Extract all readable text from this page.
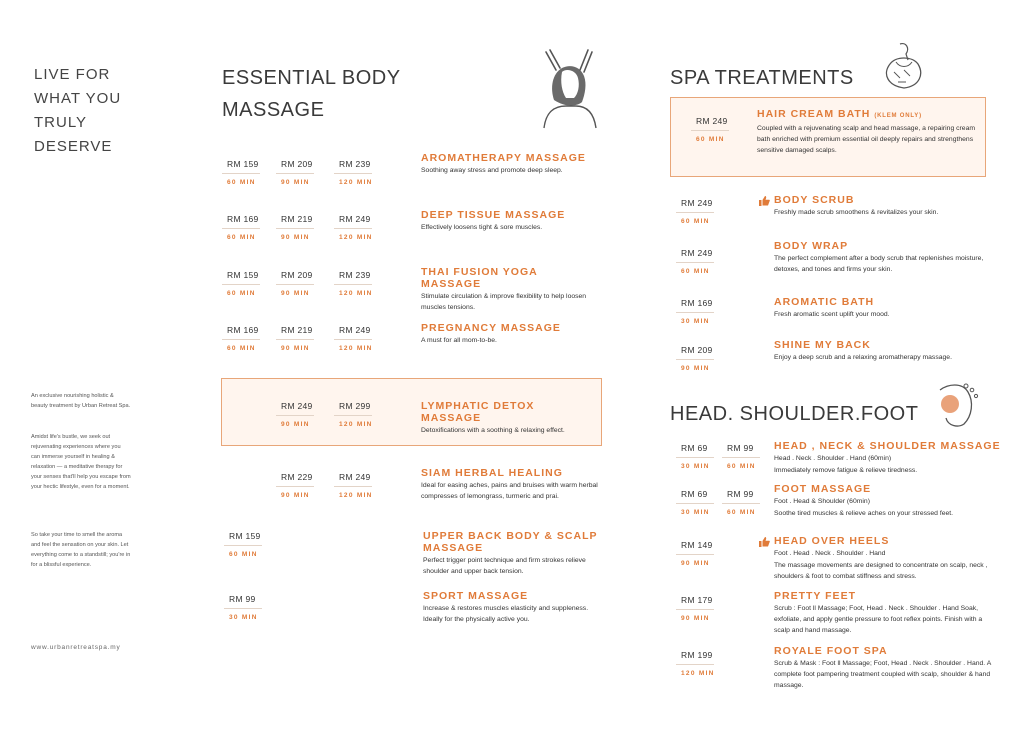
LIVE FOR
WHAT YOU
TRULY
DESERVE
An exclusive nourishing holistic & beauty treatment by Urban Retreat Spa.
Amidst life's bustle, we seek out rejuvenating experiences where you can immerse yourself in healing & relaxation — a meditative therapy for your senses that'll help you escape from your hectic lifestyle, even for a moment.
So take your time to smell the aroma and feel the sensation on your skin. Let everything come to a standstill; you're in for a blissful experience.
www.urbanretreatspa.my
ESSENTIAL BODY
MASSAGE
RM 159
60 MIN
RM 209
90 MIN
RM 239
120 MIN
RM 169
60 MIN
RM 219
90 MIN
RM 249
120 MIN
RM 159
60 MIN
RM 209
90 MIN
RM 239
120 MIN
RM 169
60 MIN
RM 219
90 MIN
RM 249
120 MIN
RM 249
90 MIN
RM 299
120 MIN
RM 229
90 MIN
RM 249
120 MIN
RM 159
60 MIN
RM 99
30 MIN
AROMATHERAPY MASSAGE
Soothing away stress and promote deep sleep.
DEEP TISSUE MASSAGE
Effectively loosens tight & sore muscles.
THAI FUSION YOGA MASSAGE
Stimulate circulation & improve flexibility to help loosen muscles tensions.
PREGNANCY MASSAGE
A must for all mom-to-be.
LYMPHATIC DETOX MASSAGE
Detoxifications with a soothing & relaxing effect.
SIAM HERBAL HEALING
Ideal for easing aches, pains and bruises with warm herbal compresses of lemongrass, turmeric and prai.
UPPER BACK BODY & SCALP MASSAGE
Perfect trigger point technique and firm strokes relieve shoulder and upper back tension.
SPORT MASSAGE
Increase & restores muscles elasticity and suppleness. Ideally for the physically active you.
SPA TREATMENTS
RM 249
60 MIN
HAIR CREAM BATH (KLEM ONLY)
Coupled with a rejuvenating scalp and head massage, a repairing cream bath enriched with premium essential oil deeply repairs and strengthens sensitive damaged scalps.
RM 249
60 MIN
BODY SCRUB
Freshly made scrub smoothens & revitalizes your skin.
RM 249
60 MIN
BODY WRAP
The perfect complement after a body scrub that replenishes moisture, detoxes, and tones and firms your skin.
RM 169
30 MIN
AROMATIC BATH
Fresh aromatic scent uplift your mood.
RM 209
90 MIN
SHINE MY BACK
Enjoy a deep scrub and a relaxing aromatherapy massage.
HEAD. SHOULDER.FOOT
RM 69
30 MIN
RM 99
60 MIN
HEAD , NECK & SHOULDER MASSAGE
Head . Neck . Shoulder . Hand (60min)
Immediately remove fatigue & relieve tiredness.
RM 69
30 MIN
RM 99
60 MIN
FOOT MASSAGE
Foot . Head & Shoulder (60min)
Soothe tired muscles & relieve aches on your stressed feet.
RM 149
90 MIN
HEAD OVER HEELS
Foot . Head . Neck . Shoulder . Hand
The massage movements are designed to concentrate on scalp, neck , shoulders & foot to combat stiffness and stress.
RM 179
90 MIN
PRETTY FEET
Scrub : Foot ll Massage; Foot, Head . Neck . Shoulder . Hand Soak, exfoliate, and apply gentle pressure to foot reflex points. Finish with a scalp and hand massage.
RM 199
120 MIN
ROYALE FOOT SPA
Scrub & Mask : Foot ll Massage; Foot, Head . Neck . Shoulder . Hand. A complete foot pampering treatment coupled with scalp, shoulder & hand massage.
